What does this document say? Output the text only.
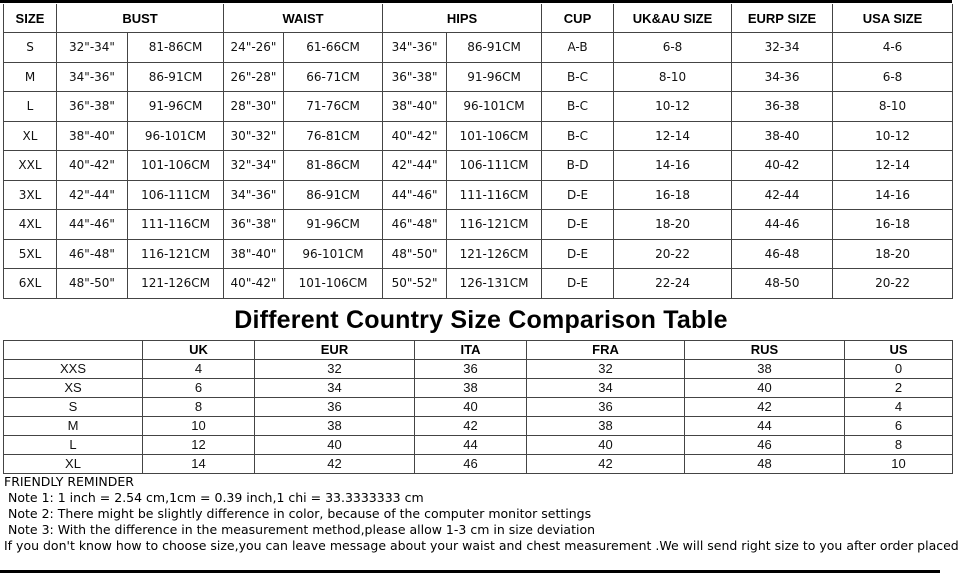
SIZE	BUST		WAIST		HIPS		CUP	UK&AU SIZE	EURP SIZE	USA SIZE
S	32"-34"	81-86CM	24"-26"	61-66CM	34"-36"	86-91CM	A-B	6-8	32-34	4-6
M	34"-36"	86-91CM	26"-28"	66-71CM	36"-38"	91-96CM	B-C	8-10	34-36	6-8
L	36"-38"	91-96CM	28"-30"	71-76CM	38"-40"	96-101CM	B-C	10-12	36-38	8-10
XL	38"-40"	96-101CM	30"-32"	76-81CM	40"-42"	101-106CM	B-C	12-14	38-40	10-12
XXL	40"-42"	101-106CM	32"-34"	81-86CM	42"-44"	106-111CM	B-D	14-16	40-42	12-14
3XL	42"-44"	106-111CM	34"-36"	86-91CM	44"-46"	111-116CM	D-E	16-18	42-44	14-16
4XL	44"-46"	111-116CM	36"-38"	91-96CM	46"-48"	116-121CM	D-E	18-20	44-46	16-18
5XL	46"-48"	116-121CM	38"-40"	96-101CM	48"-50"	121-126CM	D-E	20-22	46-48	18-20
6XL	48"-50"	121-126CM	40"-42"	101-106CM	50"-52"	126-131CM	D-E	22-24	48-50	20-22
Different Country Size Comparison Table
	UK	EUR	ITA	FRA	RUS	US
XXS	4	32	36	32	38	0
XS	6	34	38	34	40	2
S	8	36	40	36	42	4
M	10	38	42	38	44	6
L	12	40	44	40	46	8
XL	14	42	46	42	48	10
FRIENDLY REMINDER
Note 1: 1 inch = 2.54 cm,1cm = 0.39 inch,1 chi = 33.3333333 cm
Note 2: There might be slightly difference in color, because of the computer monitor settings
Note 3: With the difference in the measurement method,please allow 1-3 cm in size deviation
If you don't know how to choose size,you can leave message about your waist and chest measurement .We will send right size to you after order placed
